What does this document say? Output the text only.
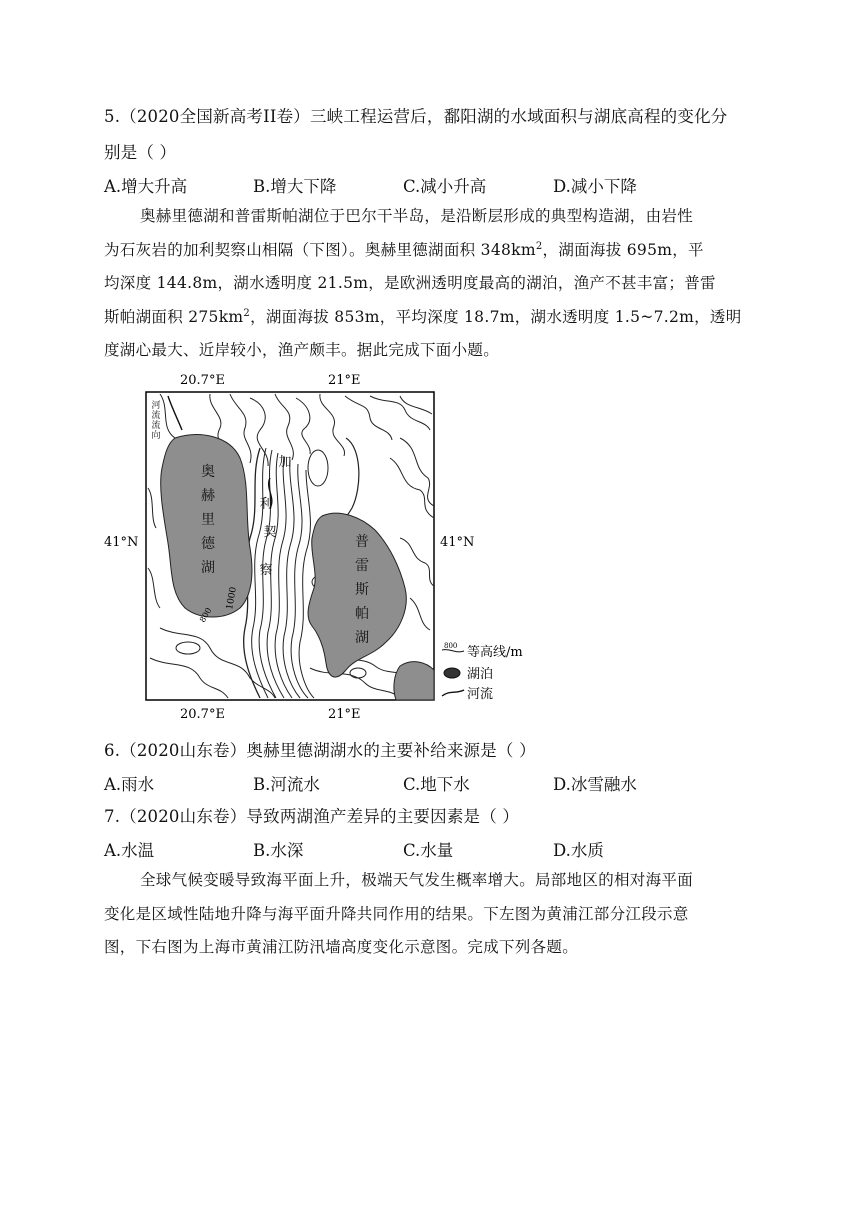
5.（2020全国新高考II卷）三峡工程运营后，鄱阳湖的水域面积与湖底高程的变化分
别是（ ）
A.增大升高	B.增大下降	C.减小升高	D.减小下降
奥赫里德湖和普雷斯帕湖位于巴尔干半岛，是沿断层形成的典型构造湖，由岩性
为石灰岩的加利契察山相隔（下图）。奥赫里德湖面积 $348km^2$，湖面海拔 695m，平
均深度 144.8m，湖水透明度 21.5m，是欧洲透明度最高的湖泊，渔产不甚丰富；普雷
斯帕湖面积 $275km^2$，湖面海拔 853m，平均深度 18.7m，湖水透明度 1.5~7.2m，透明
度湖心最大、近岸较小，渔产颇丰。据此完成下面小题。
20.7°E	21°E
20.7°E	21°E
41°N	41°N
奥
赫
里
德
湖
普
雷
斯
帕
湖
加
利
契
察
河
流
流
向
1000
800
800 等高线/m
湖泊
河流
6.（2020山东卷）奥赫里德湖湖水的主要补给来源是（ ）
A.雨水	B.河流水	C.地下水	D.冰雪融水
7.（2020山东卷）导致两湖渔产差异的主要因素是（ ）
A.水温	B.水深	C.水量	D.水质
全球气候变暖导致海平面上升，极端天气发生概率增大。局部地区的相对海平面
变化是区域性陆地升降与海平面升降共同作用的结果。下左图为黄浦江部分江段示意
图，下右图为上海市黄浦江防汛墙高度变化示意图。完成下列各题。
